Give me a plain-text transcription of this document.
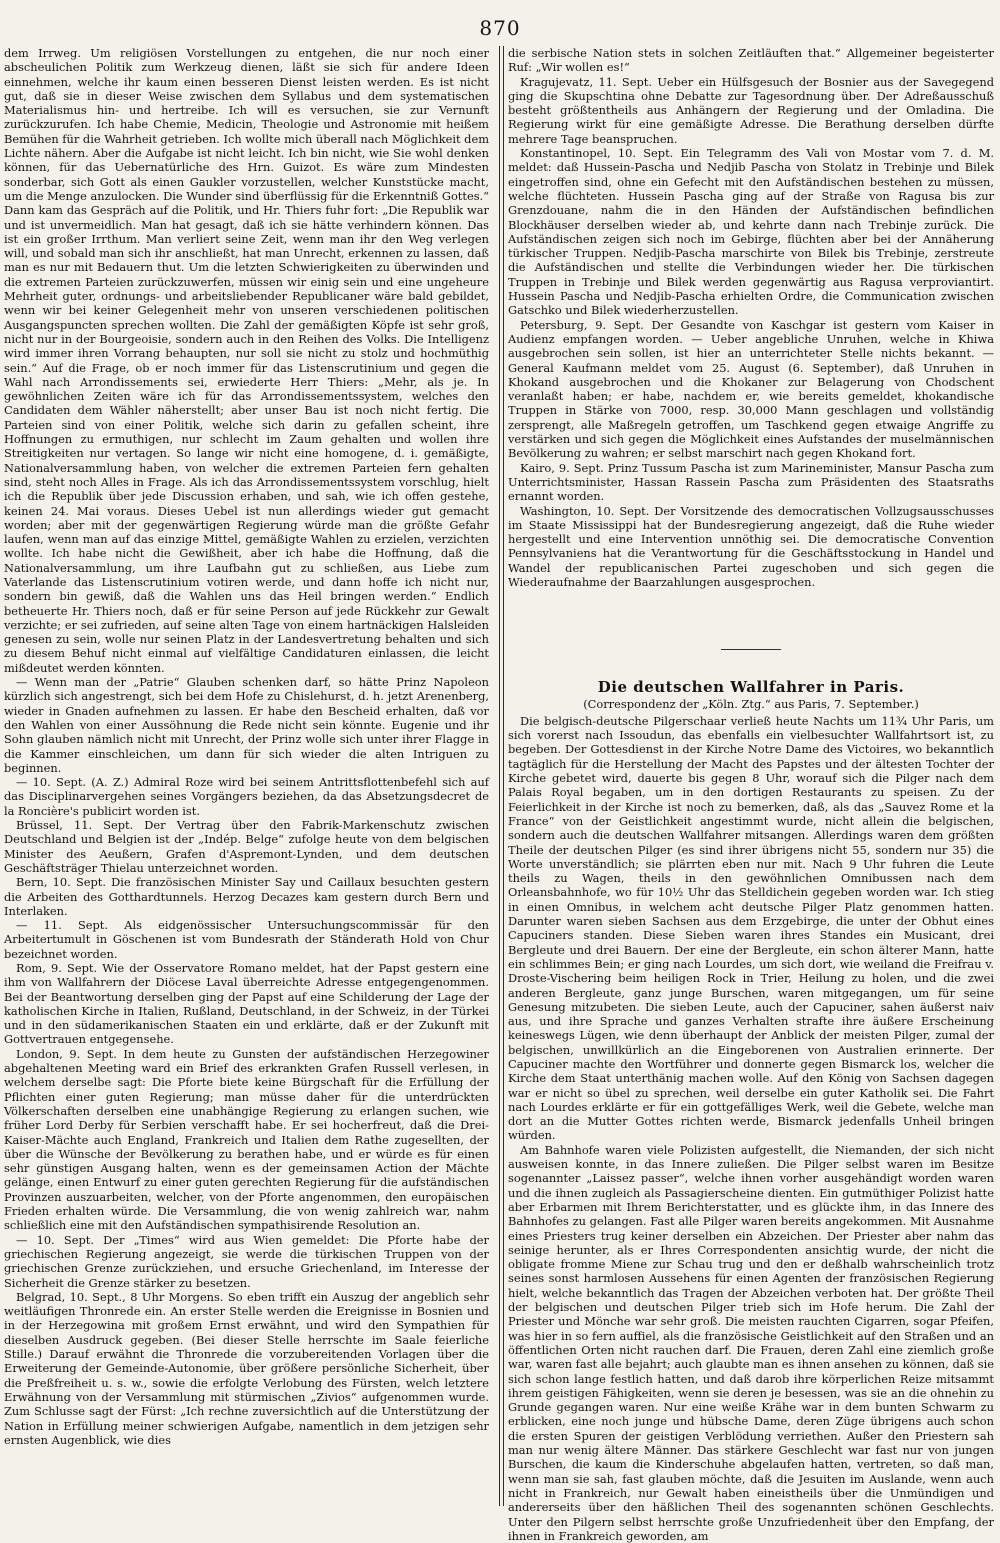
870

dem Irrweg. Um religiösen Vorstellungen zu entgehen, die nur noch einer abscheulichen Politik zum Werkzeug dienen, läßt sie sich für andere Ideen einnehmen, welche ihr kaum einen besseren Dienst leisten werden. Es ist nicht gut, daß sie in dieser Weise zwischen dem Syllabus und dem systematischen Materialismus hin- und hertreibe. Ich will es versuchen, sie zur Vernunft zurückzurufen. Ich habe Chemie, Medicin, Theologie und Astronomie mit heißem Bemühen für die Wahrheit getrieben. Ich wollte mich überall nach Möglichkeit dem Lichte nähern. Aber die Aufgabe ist nicht leicht. Ich bin nicht, wie Sie wohl denken können, für das Uebernatürliche des Hrn. Guizot. Es wäre zum Mindesten sonderbar, sich Gott als einen Gaukler vorzustellen, welcher Kunststücke macht, um die Menge anzulocken. Die Wunder sind überflüssig für die Erkenntniß Gottes.“ Dann kam das Gespräch auf die Politik, und Hr. Thiers fuhr fort: „Die Republik war und ist unvermeidlich. Man hat gesagt, daß ich sie hätte verhindern können. Das ist ein großer Irrthum. Man verliert seine Zeit, wenn man ihr den Weg verlegen will, und sobald man sich ihr anschließt, hat man Unrecht, erkennen zu lassen, daß man es nur mit Bedauern thut. Um die letzten Schwierigkeiten zu überwinden und die extremen Parteien zurückzuwerfen, müssen wir einig sein und eine ungeheure Mehrheit guter, ordnungs- und arbeitsliebender Republicaner wäre bald gebildet, wenn wir bei keiner Gelegenheit mehr von unseren verschiedenen politischen Ausgangspuncten sprechen wollten. Die Zahl der gemäßigten Köpfe ist sehr groß, nicht nur in der Bourgeoisie, sondern auch in den Reihen des Volks. Die Intelligenz wird immer ihren Vorrang behaupten, nur soll sie nicht zu stolz und hochmüthig sein.“ Auf die Frage, ob er noch immer für das Listenscrutinium und gegen die Wahl nach Arrondissements sei, erwiederte Herr Thiers: „Mehr, als je. In gewöhnlichen Zeiten wäre ich für das Arrondissementssystem, welches den Candidaten dem Wähler näherstellt; aber unser Bau ist noch nicht fertig. Die Parteien sind von einer Politik, welche sich darin zu gefallen scheint, ihre Hoffnungen zu ermuthigen, nur schlecht im Zaum gehalten und wollen ihre Streitigkeiten nur vertagen. So lange wir nicht eine homogene, d. i. gemäßigte, Nationalversammlung haben, von welcher die extremen Parteien fern gehalten sind, steht noch Alles in Frage. Als ich das Arrondissementssystem vorschlug, hielt ich die Republik über jede Discussion erhaben, und sah, wie ich offen gestehe, keinen 24. Mai voraus. Dieses Uebel ist nun allerdings wieder gut gemacht worden; aber mit der gegenwärtigen Regierung würde man die größte Gefahr laufen, wenn man auf das einzige Mittel, gemäßigte Wahlen zu erzielen, verzichten wollte. Ich habe nicht die Gewißheit, aber ich habe die Hoffnung, daß die Nationalversammlung, um ihre Laufbahn gut zu schließen, aus Liebe zum Vaterlande das Listenscrutinium votiren werde, und dann hoffe ich nicht nur, sondern bin gewiß, daß die Wahlen uns das Heil bringen werden.“ Endlich betheuerte Hr. Thiers noch, daß er für seine Person auf jede Rückkehr zur Gewalt verzichte; er sei zufrieden, auf seine alten Tage von einem hartnäckigen Halsleiden genesen zu sein, wolle nur seinen Platz in der Landesvertretung behalten und sich zu diesem Behuf nicht einmal auf vielfältige Candidaturen einlassen, die leicht mißdeutet werden könnten.

— Wenn man der „Patrie“ Glauben schenken darf, so hätte Prinz Napoleon kürzlich sich angestrengt, sich bei dem Hofe zu Chislehurst, d. h. jetzt Arenenberg, wieder in Gnaden aufnehmen zu lassen. Er habe den Bescheid erhalten, daß vor den Wahlen von einer Aussöhnung die Rede nicht sein könnte. Eugenie und ihr Sohn glauben nämlich nicht mit Unrecht, der Prinz wolle sich unter ihrer Flagge in die Kammer einschleichen, um dann für sich wieder die alten Intriguen zu beginnen.

— 10. Sept. (A. Z.) Admiral Roze wird bei seinem Antrittsflottenbefehl sich auf das Disciplinarvergehen seines Vorgängers beziehen, da das Absetzungsdecret de la Roncière's publicirt worden ist.

Brüssel, 11. Sept. Der Vertrag über den Fabrik-Markenschutz zwischen Deutschland und Belgien ist der „Indép. Belge“ zufolge heute von dem belgischen Minister des Aeußern, Grafen d'Aspremont-Lynden, und dem deutschen Geschäftsträger Thielau unterzeichnet worden.

Bern, 10. Sept. Die französischen Minister Say und Caillaux besuchten gestern die Arbeiten des Gotthardtunnels. Herzog Decazes kam gestern durch Bern und Interlaken.

— 11. Sept. Als eidgenössischer Untersuchungscommissär für den Arbeitertumult in Göschenen ist vom Bundesrath der Ständerath Hold von Chur bezeichnet worden.

Rom, 9. Sept. Wie der Osservatore Romano meldet, hat der Papst gestern eine ihm von Wallfahrern der Diöcese Laval überreichte Adresse entgegengenommen. Bei der Beantwortung derselben ging der Papst auf eine Schilderung der Lage der katholischen Kirche in Italien, Rußland, Deutschland, in der Schweiz, in der Türkei und in den südamerikanischen Staaten ein und erklärte, daß er der Zukunft mit Gottvertrauen entgegensehe.

London, 9. Sept. In dem heute zu Gunsten der aufständischen Herzegowiner abgehaltenen Meeting ward ein Brief des erkrankten Grafen Russell verlesen, in welchem derselbe sagt: Die Pforte biete keine Bürgschaft für die Erfüllung der Pflichten einer guten Regierung; man müsse daher für die unterdrückten Völkerschaften derselben eine unabhängige Regierung zu erlangen suchen, wie früher Lord Derby für Serbien verschafft habe. Er sei hocherfreut, daß die Drei-Kaiser-Mächte auch England, Frankreich und Italien dem Rathe zugesellten, der über die Wünsche der Bevölkerung zu berathen habe, und er würde es für einen sehr günstigen Ausgang halten, wenn es der gemeinsamen Action der Mächte gelänge, einen Entwurf zu einer guten gerechten Regierung für die aufständischen Provinzen auszuarbeiten, welcher, von der Pforte angenommen, den europäischen Frieden erhalten würde. Die Versammlung, die von wenig zahlreich war, nahm schließlich eine mit den Aufständischen sympathisirende Resolution an.

— 10. Sept. Der „Times“ wird aus Wien gemeldet: Die Pforte habe der griechischen Regierung angezeigt, sie werde die türkischen Truppen von der griechischen Grenze zurückziehen, und ersuche Griechenland, im Interesse der Sicherheit die Grenze stärker zu besetzen.

Belgrad, 10. Sept., 8 Uhr Morgens. So eben trifft ein Auszug der angeblich sehr weitläufigen Thronrede ein. An erster Stelle werden die Ereignisse in Bosnien und in der Herzegowina mit großem Ernst erwähnt, und wird den Sympathien für dieselben Ausdruck gegeben. (Bei dieser Stelle herrschte im Saale feierliche Stille.) Darauf erwähnt die Thronrede die vorzubereitenden Vorlagen über die Erweiterung der Gemeinde-Autonomie, über größere persönliche Sicherheit, über die Preßfreiheit u. s. w., sowie die erfolgte Verlobung des Fürsten, welch letztere Erwähnung von der Versammlung mit stürmischen „Zivios“ aufgenommen wurde. Zum Schlusse sagt der Fürst: „Ich rechne zuversichtlich auf die Unterstützung der Nation in Erfüllung meiner schwierigen Aufgabe, namentlich in dem jetzigen sehr ernsten Augenblick, wie dies

die serbische Nation stets in solchen Zeitläuften that.“ Allgemeiner begeisterter Ruf: „Wir wollen es!“

Kragujevatz, 11. Sept. Ueber ein Hülfsgesuch der Bosnier aus der Savegegend ging die Skupschtina ohne Debatte zur Tagesordnung über. Der Adreßausschuß besteht größtentheils aus Anhängern der Regierung und der Omladina. Die Regierung wirkt für eine gemäßigte Adresse. Die Berathung derselben dürfte mehrere Tage beanspruchen.

Konstantinopel, 10. Sept. Ein Telegramm des Vali von Mostar vom 7. d. M. meldet: daß Hussein-Pascha und Nedjib Pascha von Stolatz in Trebinje und Bilek eingetroffen sind, ohne ein Gefecht mit den Aufständischen bestehen zu müssen, welche flüchteten. Hussein Pascha ging auf der Straße von Ragusa bis zur Grenzdouane, nahm die in den Händen der Aufständischen befindlichen Blockhäuser derselben wieder ab, und kehrte dann nach Trebinje zurück. Die Aufständischen zeigen sich noch im Gebirge, flüchten aber bei der Annäherung türkischer Truppen. Nedjib-Pascha marschirte von Bilek bis Trebinje, zerstreute die Aufständischen und stellte die Verbindungen wieder her. Die türkischen Truppen in Trebinje und Bilek werden gegenwärtig aus Ragusa verproviantirt. Hussein Pascha und Nedjib-Pascha erhielten Ordre, die Communication zwischen Gatschko und Bilek wiederherzustellen.

Petersburg, 9. Sept. Der Gesandte von Kaschgar ist gestern vom Kaiser in Audienz empfangen worden. — Ueber angebliche Unruhen, welche in Khiwa ausgebrochen sein sollen, ist hier an unterrichteter Stelle nichts bekannt. — General Kaufmann meldet vom 25. August (6. September), daß Unruhen in Khokand ausgebrochen und die Khokaner zur Belagerung von Chodschent veranlaßt haben; er habe, nachdem er, wie bereits gemeldet, khokandische Truppen in Stärke von 7000, resp. 30,000 Mann geschlagen und vollständig zersprengt, alle Maßregeln getroffen, um Taschkend gegen etwaige Angriffe zu verstärken und sich gegen die Möglichkeit eines Aufstandes der muselmännischen Bevölkerung zu wahren; er selbst marschirt nach gegen Khokand fort.

Kairo, 9. Sept. Prinz Tussum Pascha ist zum Marineminister, Mansur Pascha zum Unterrichtsminister, Hassan Rassein Pascha zum Präsidenten des Staatsraths ernannt worden.

Washington, 10. Sept. Der Vorsitzende des democratischen Vollzugsausschusses im Staate Mississippi hat der Bundesregierung angezeigt, daß die Ruhe wieder hergestellt und eine Intervention unnöthig sei. Die democratische Convention Pennsylvaniens hat die Verantwortung für die Geschäftsstockung in Handel und Wandel der republicanischen Partei zugeschoben und sich gegen die Wiederaufnahme der Baarzahlungen ausgesprochen.

Die deutschen Wallfahrer in Paris.
(Correspondenz der „Köln. Ztg.“ aus Paris, 7. September.)

Die belgisch-deutsche Pilgerschaar verließ heute Nachts um 11¾ Uhr Paris, um sich vorerst nach Issoudun, das ebenfalls ein vielbesuchter Wallfahrtsort ist, zu begeben. Der Gottesdienst in der Kirche Notre Dame des Victoires, wo bekanntlich tagtäglich für die Herstellung der Macht des Papstes und der ältesten Tochter der Kirche gebetet wird, dauerte bis gegen 8 Uhr, worauf sich die Pilger nach dem Palais Royal begaben, um in den dortigen Restaurants zu speisen. Zu der Feierlichkeit in der Kirche ist noch zu bemerken, daß, als das „Sauvez Rome et la France“ von der Geistlichkeit angestimmt wurde, nicht allein die belgischen, sondern auch die deutschen Wallfahrer mitsangen. Allerdings waren dem größten Theile der deutschen Pilger (es sind ihrer übrigens nicht 55, sondern nur 35) die Worte unverständlich; sie plärrten eben nur mit. Nach 9 Uhr fuhren die Leute theils zu Wagen, theils in den gewöhnlichen Omnibussen nach dem Orleansbahnhofe, wo für 10½ Uhr das Stelldichein gegeben worden war. Ich stieg in einen Omnibus, in welchem acht deutsche Pilger Platz genommen hatten. Darunter waren sieben Sachsen aus dem Erzgebirge, die unter der Obhut eines Capuciners standen. Diese Sieben waren ihres Standes ein Musicant, drei Bergleute und drei Bauern. Der eine der Bergleute, ein schon älterer Mann, hatte ein schlimmes Bein; er ging nach Lourdes, um sich dort, wie weiland die Freifrau v. Droste-Vischering beim heiligen Rock in Trier, Heilung zu holen, und die zwei anderen Bergleute, ganz junge Burschen, waren mitgegangen, um für seine Genesung mitzubeten. Die sieben Leute, auch der Capuciner, sahen äußerst naiv aus, und ihre Sprache und ganzes Verhalten strafte ihre äußere Erscheinung keineswegs Lügen, wie denn überhaupt der Anblick der meisten Pilger, zumal der belgischen, unwillkürlich an die Eingeborenen von Australien erinnerte. Der Capuciner machte den Wortführer und donnerte gegen Bismarck los, welcher die Kirche dem Staat unterthänig machen wolle. Auf den König von Sachsen dagegen war er nicht so übel zu sprechen, weil derselbe ein guter Katholik sei. Die Fahrt nach Lourdes erklärte er für ein gottgefälliges Werk, weil die Gebete, welche man dort an die Mutter Gottes richten werde, Bismarck jedenfalls Unheil bringen würden.

Am Bahnhofe waren viele Polizisten aufgestellt, die Niemanden, der sich nicht ausweisen konnte, in das Innere zuließen. Die Pilger selbst waren im Besitze sogenannter „Laissez passer“, welche ihnen vorher ausgehändigt worden waren und die ihnen zugleich als Passagierscheine dienten. Ein gutmüthiger Polizist hatte aber Erbarmen mit Ihrem Berichterstatter, und es glückte ihm, in das Innere des Bahnhofes zu gelangen. Fast alle Pilger waren bereits angekommen. Mit Ausnahme eines Priesters trug keiner derselben ein Abzeichen. Der Priester aber nahm das seinige herunter, als er Ihres Correspondenten ansichtig wurde, der nicht die obligate fromme Miene zur Schau trug und den er deßhalb wahrscheinlich trotz seines sonst harmlosen Aussehens für einen Agenten der französischen Regierung hielt, welche bekanntlich das Tragen der Abzeichen verboten hat. Der größte Theil der belgischen und deutschen Pilger trieb sich im Hofe herum. Die Zahl der Priester und Mönche war sehr groß. Die meisten rauchten Cigarren, sogar Pfeifen, was hier in so fern auffiel, als die französische Geistlichkeit auf den Straßen und an öffentlichen Orten nicht rauchen darf. Die Frauen, deren Zahl eine ziemlich große war, waren fast alle bejahrt; auch glaubte man es ihnen ansehen zu können, daß sie sich schon lange festlich hatten, und daß darob ihre körperlichen Reize mitsammt ihrem geistigen Fähigkeiten, wenn sie deren je besessen, was sie an die ohnehin zu Grunde gegangen waren. Nur eine weiße Krähe war in dem bunten Schwarm zu erblicken, eine noch junge und hübsche Dame, deren Züge übrigens auch schon die ersten Spuren der geistigen Verblödung verriethen. Außer den Priestern sah man nur wenig ältere Männer. Das stärkere Geschlecht war fast nur von jungen Burschen, die kaum die Kinderschuhe abgelaufen hatten, vertreten, so daß man, wenn man sie sah, fast glauben möchte, daß die Jesuiten im Auslande, wenn auch nicht in Frankreich, nur Gewalt haben eineistheils über die Unmündigen und andererseits über den häßlichen Theil des sogenannten schönen Geschlechts. Unter den Pilgern selbst herrschte große Unzufriedenheit über den Empfang, der ihnen in Frankreich geworden, am
